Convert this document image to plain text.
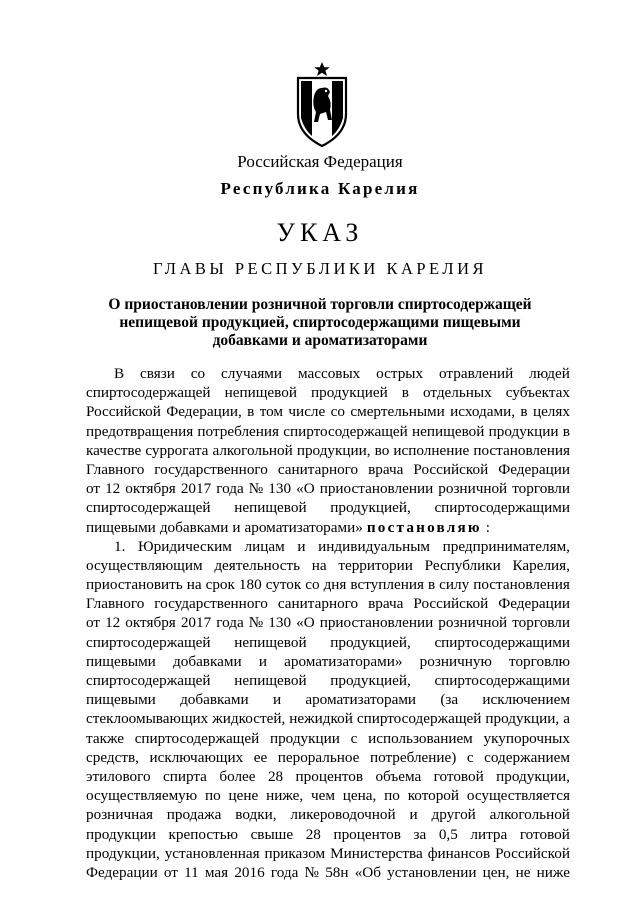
Российская Федерация
Республика Карелия
УКАЗ
ГЛАВЫ РЕСПУБЛИКИ КАРЕЛИЯ
О приостановлении розничной торговли спиртосодержащей
непищевой продукцией, спиртосодержащими пищевыми
добавками и ароматизаторами
В связи со случаями массовых острых отравлений людей
спиртосодержащей непищевой продукцией в отдельных субъектах
Российской Федерации, в том числе со смертельными исходами, в целях
предотвращения потребления спиртосодержащей непищевой продукции в
качестве суррогата алкогольной продукции, во исполнение постановления
Главного государственного санитарного врача Российской Федерации
от 12 октября 2017 года № 130 «О приостановлении розничной торговли
спиртосодержащей непищевой продукцией, спиртосодержащими
пищевыми добавками и ароматизаторами» постановляю :
1. Юридическим лицам и индивидуальным предпринимателям,
осуществляющим деятельность на территории Республики Карелия,
приостановить на срок 180 суток со дня вступления в силу постановления
Главного государственного санитарного врача Российской Федерации
от 12 октября 2017 года № 130 «О приостановлении розничной торговли
спиртосодержащей непищевой продукцией, спиртосодержащими
пищевыми добавками и ароматизаторами» розничную торговлю
спиртосодержащей непищевой продукцией, спиртосодержащими
пищевыми добавками и ароматизаторами (за исключением
стеклоомывающих жидкостей, нежидкой спиртосодержащей продукции, а
также спиртосодержащей продукции с использованием укупорочных
средств, исключающих ее пероральное потребление) с содержанием
этилового спирта более 28 процентов объема готовой продукции,
осуществляемую по цене ниже, чем цена, по которой осуществляется
розничная продажа водки, ликероводочной и другой алкогольной
продукции крепостью свыше 28 процентов за 0,5 литра готовой
продукции, установленная приказом Министерства финансов Российской
Федерации от 11 мая 2016 года № 58н «Об установлении цен, не ниже
